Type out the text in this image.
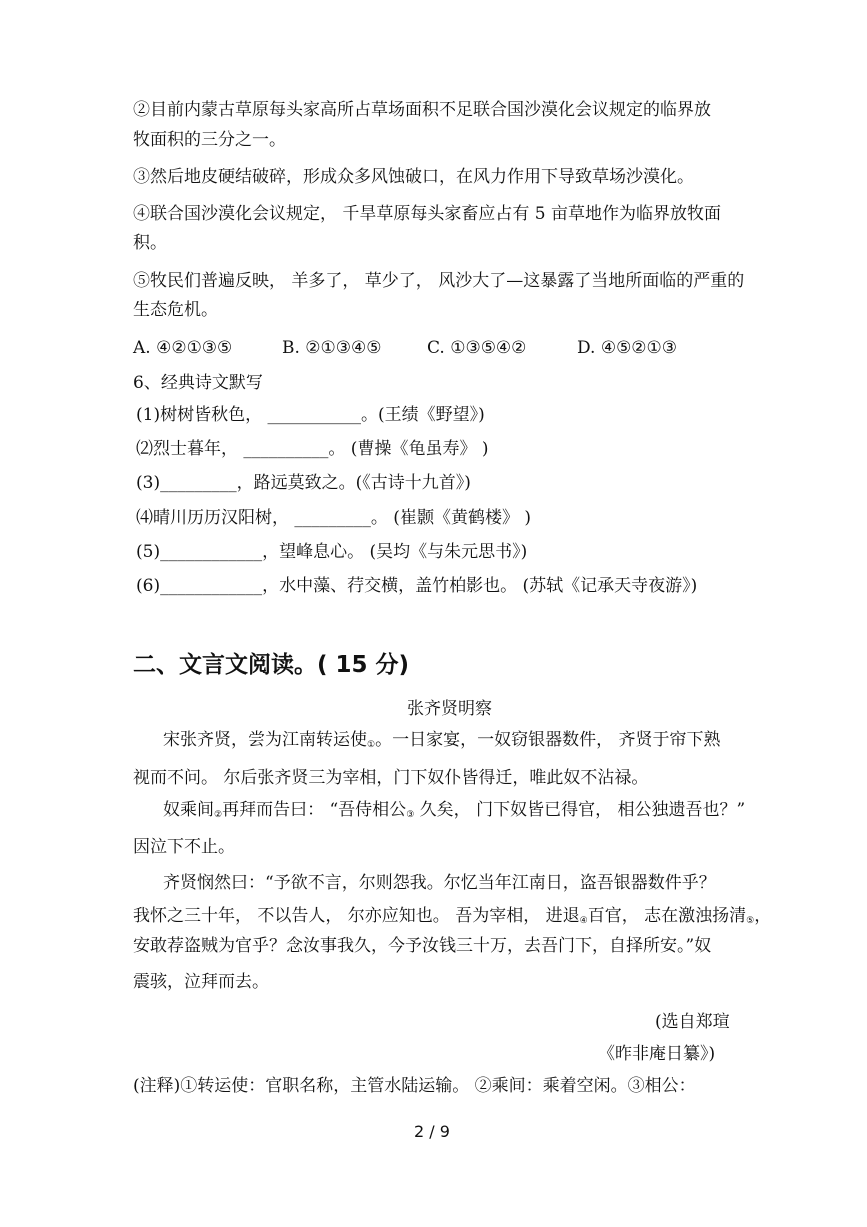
②目前内蒙古草原每头家高所占草场面积不足联合国沙漠化会议规定的临界放
牧面积的三分之一。
③然后地皮硬结破碎，形成众多风蚀破口，在风力作用下导致草场沙漠化。
④联合国沙漠化会议规定， 千旱草原每头家畜应占有 5 亩草地作为临界放牧面
积。
⑤牧民们普遍反映， 羊多了， 草少了， 风沙大了—这暴露了当地所面临的严重的
生态危机。
A. ④②①③⑤	B. ②①③④⑤	C. ①③⑤④②	D. ④⑤②①③
6、经典诗文默写
(1)树树皆秋色， ___________。(王绩《野望》)
⑵烈士暮年， __________。 (曹操《龟虽寿》 )
(3)_________，路远莫致之。(《古诗十九首》)
⑷晴川历历汉阳树， _________。 (崔颢《黄鹤楼》 )
(5)____________，望峰息心。 (吴均《与朱元思书》)
(6)____________，水中藻、荇交横，盖竹柏影也。 (苏轼《记承天寺夜游》)
二、文言文阅读。( 15 分)
张齐贤明察
宋张齐贤，尝为江南转运使$_①$。一日家宴，一奴窃银器数件， 齐贤于帘下熟
视而不问。 尔后张齐贤三为宰相，门下奴仆皆得迁，唯此奴不沾禄。
奴乘间$_②$再拜而告曰： “吾侍相公$_③$ 久矣， 门下奴皆已得官， 相公独遗吾也？”
因泣下不止。
齐贤悯然曰：“予欲不言，尔则怨我。尔忆当年江南日，盗吾银器数件乎？
我怀之三十年， 不以告人， 尔亦应知也。 吾为宰相， 进退$_④$百官， 志在激浊扬清$_⑤$，
安敢荐盗贼为官乎？念汝事我久，今予汝钱三十万，去吾门下，自择所安。”奴
震骇，泣拜而去。
(选自郑瑄
《昨非庵日纂》)
(注释)①转运使：官职名称，主管水陆运输。 ②乘间：乘着空闲。③相公：
2 / 9
